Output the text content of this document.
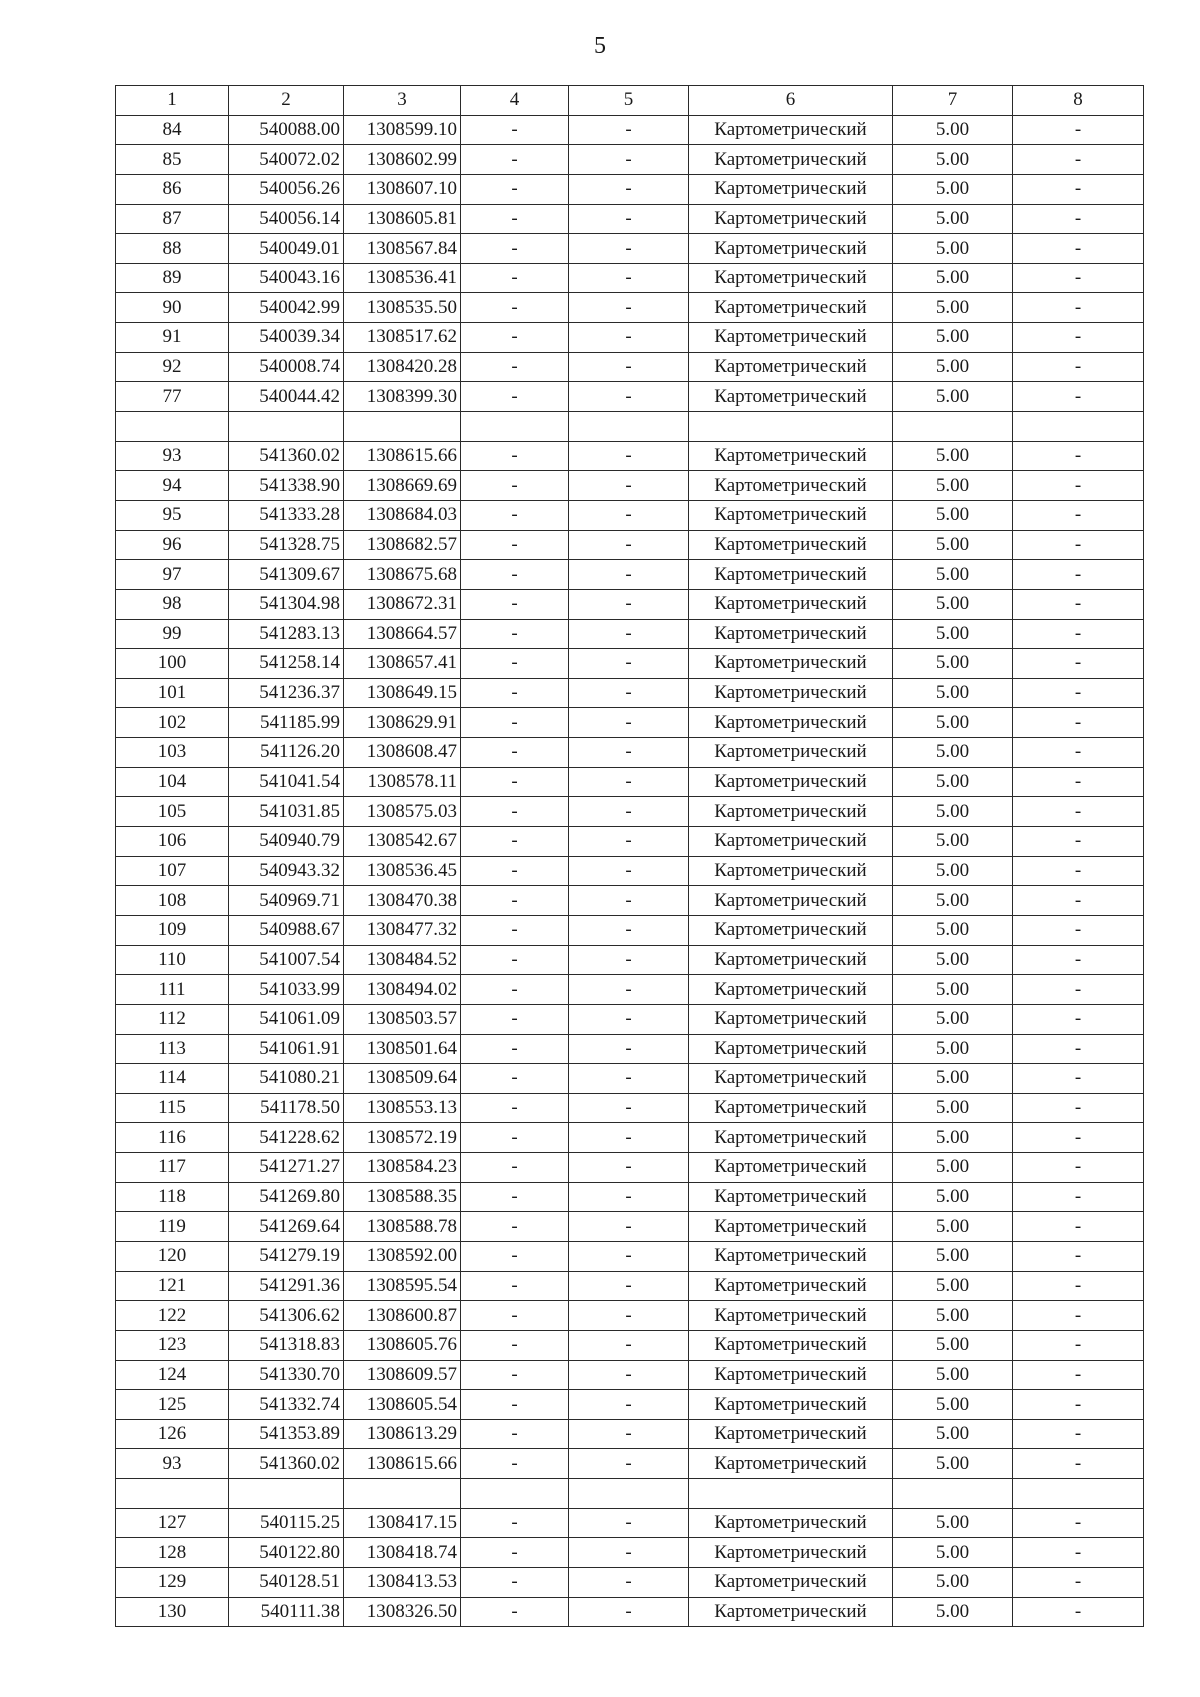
5
1	2	3	4	5	6	7	8
84	540088.00	1308599.10	-	-	Картометрический	5.00	-
85	540072.02	1308602.99	-	-	Картометрический	5.00	-
86	540056.26	1308607.10	-	-	Картометрический	5.00	-
87	540056.14	1308605.81	-	-	Картометрический	5.00	-
88	540049.01	1308567.84	-	-	Картометрический	5.00	-
89	540043.16	1308536.41	-	-	Картометрический	5.00	-
90	540042.99	1308535.50	-	-	Картометрический	5.00	-
91	540039.34	1308517.62	-	-	Картометрический	5.00	-
92	540008.74	1308420.28	-	-	Картометрический	5.00	-
77	540044.42	1308399.30	-	-	Картометрический	5.00	-

93	541360.02	1308615.66	-	-	Картометрический	5.00	-
94	541338.90	1308669.69	-	-	Картометрический	5.00	-
95	541333.28	1308684.03	-	-	Картометрический	5.00	-
96	541328.75	1308682.57	-	-	Картометрический	5.00	-
97	541309.67	1308675.68	-	-	Картометрический	5.00	-
98	541304.98	1308672.31	-	-	Картометрический	5.00	-
99	541283.13	1308664.57	-	-	Картометрический	5.00	-
100	541258.14	1308657.41	-	-	Картометрический	5.00	-
101	541236.37	1308649.15	-	-	Картометрический	5.00	-
102	541185.99	1308629.91	-	-	Картометрический	5.00	-
103	541126.20	1308608.47	-	-	Картометрический	5.00	-
104	541041.54	1308578.11	-	-	Картометрический	5.00	-
105	541031.85	1308575.03	-	-	Картометрический	5.00	-
106	540940.79	1308542.67	-	-	Картометрический	5.00	-
107	540943.32	1308536.45	-	-	Картометрический	5.00	-
108	540969.71	1308470.38	-	-	Картометрический	5.00	-
109	540988.67	1308477.32	-	-	Картометрический	5.00	-
110	541007.54	1308484.52	-	-	Картометрический	5.00	-
111	541033.99	1308494.02	-	-	Картометрический	5.00	-
112	541061.09	1308503.57	-	-	Картометрический	5.00	-
113	541061.91	1308501.64	-	-	Картометрический	5.00	-
114	541080.21	1308509.64	-	-	Картометрический	5.00	-
115	541178.50	1308553.13	-	-	Картометрический	5.00	-
116	541228.62	1308572.19	-	-	Картометрический	5.00	-
117	541271.27	1308584.23	-	-	Картометрический	5.00	-
118	541269.80	1308588.35	-	-	Картометрический	5.00	-
119	541269.64	1308588.78	-	-	Картометрический	5.00	-
120	541279.19	1308592.00	-	-	Картометрический	5.00	-
121	541291.36	1308595.54	-	-	Картометрический	5.00	-
122	541306.62	1308600.87	-	-	Картометрический	5.00	-
123	541318.83	1308605.76	-	-	Картометрический	5.00	-
124	541330.70	1308609.57	-	-	Картометрический	5.00	-
125	541332.74	1308605.54	-	-	Картометрический	5.00	-
126	541353.89	1308613.29	-	-	Картометрический	5.00	-
93	541360.02	1308615.66	-	-	Картометрический	5.00	-

127	540115.25	1308417.15	-	-	Картометрический	5.00	-
128	540122.80	1308418.74	-	-	Картометрический	5.00	-
129	540128.51	1308413.53	-	-	Картометрический	5.00	-
130	540111.38	1308326.50	-	-	Картометрический	5.00	-
